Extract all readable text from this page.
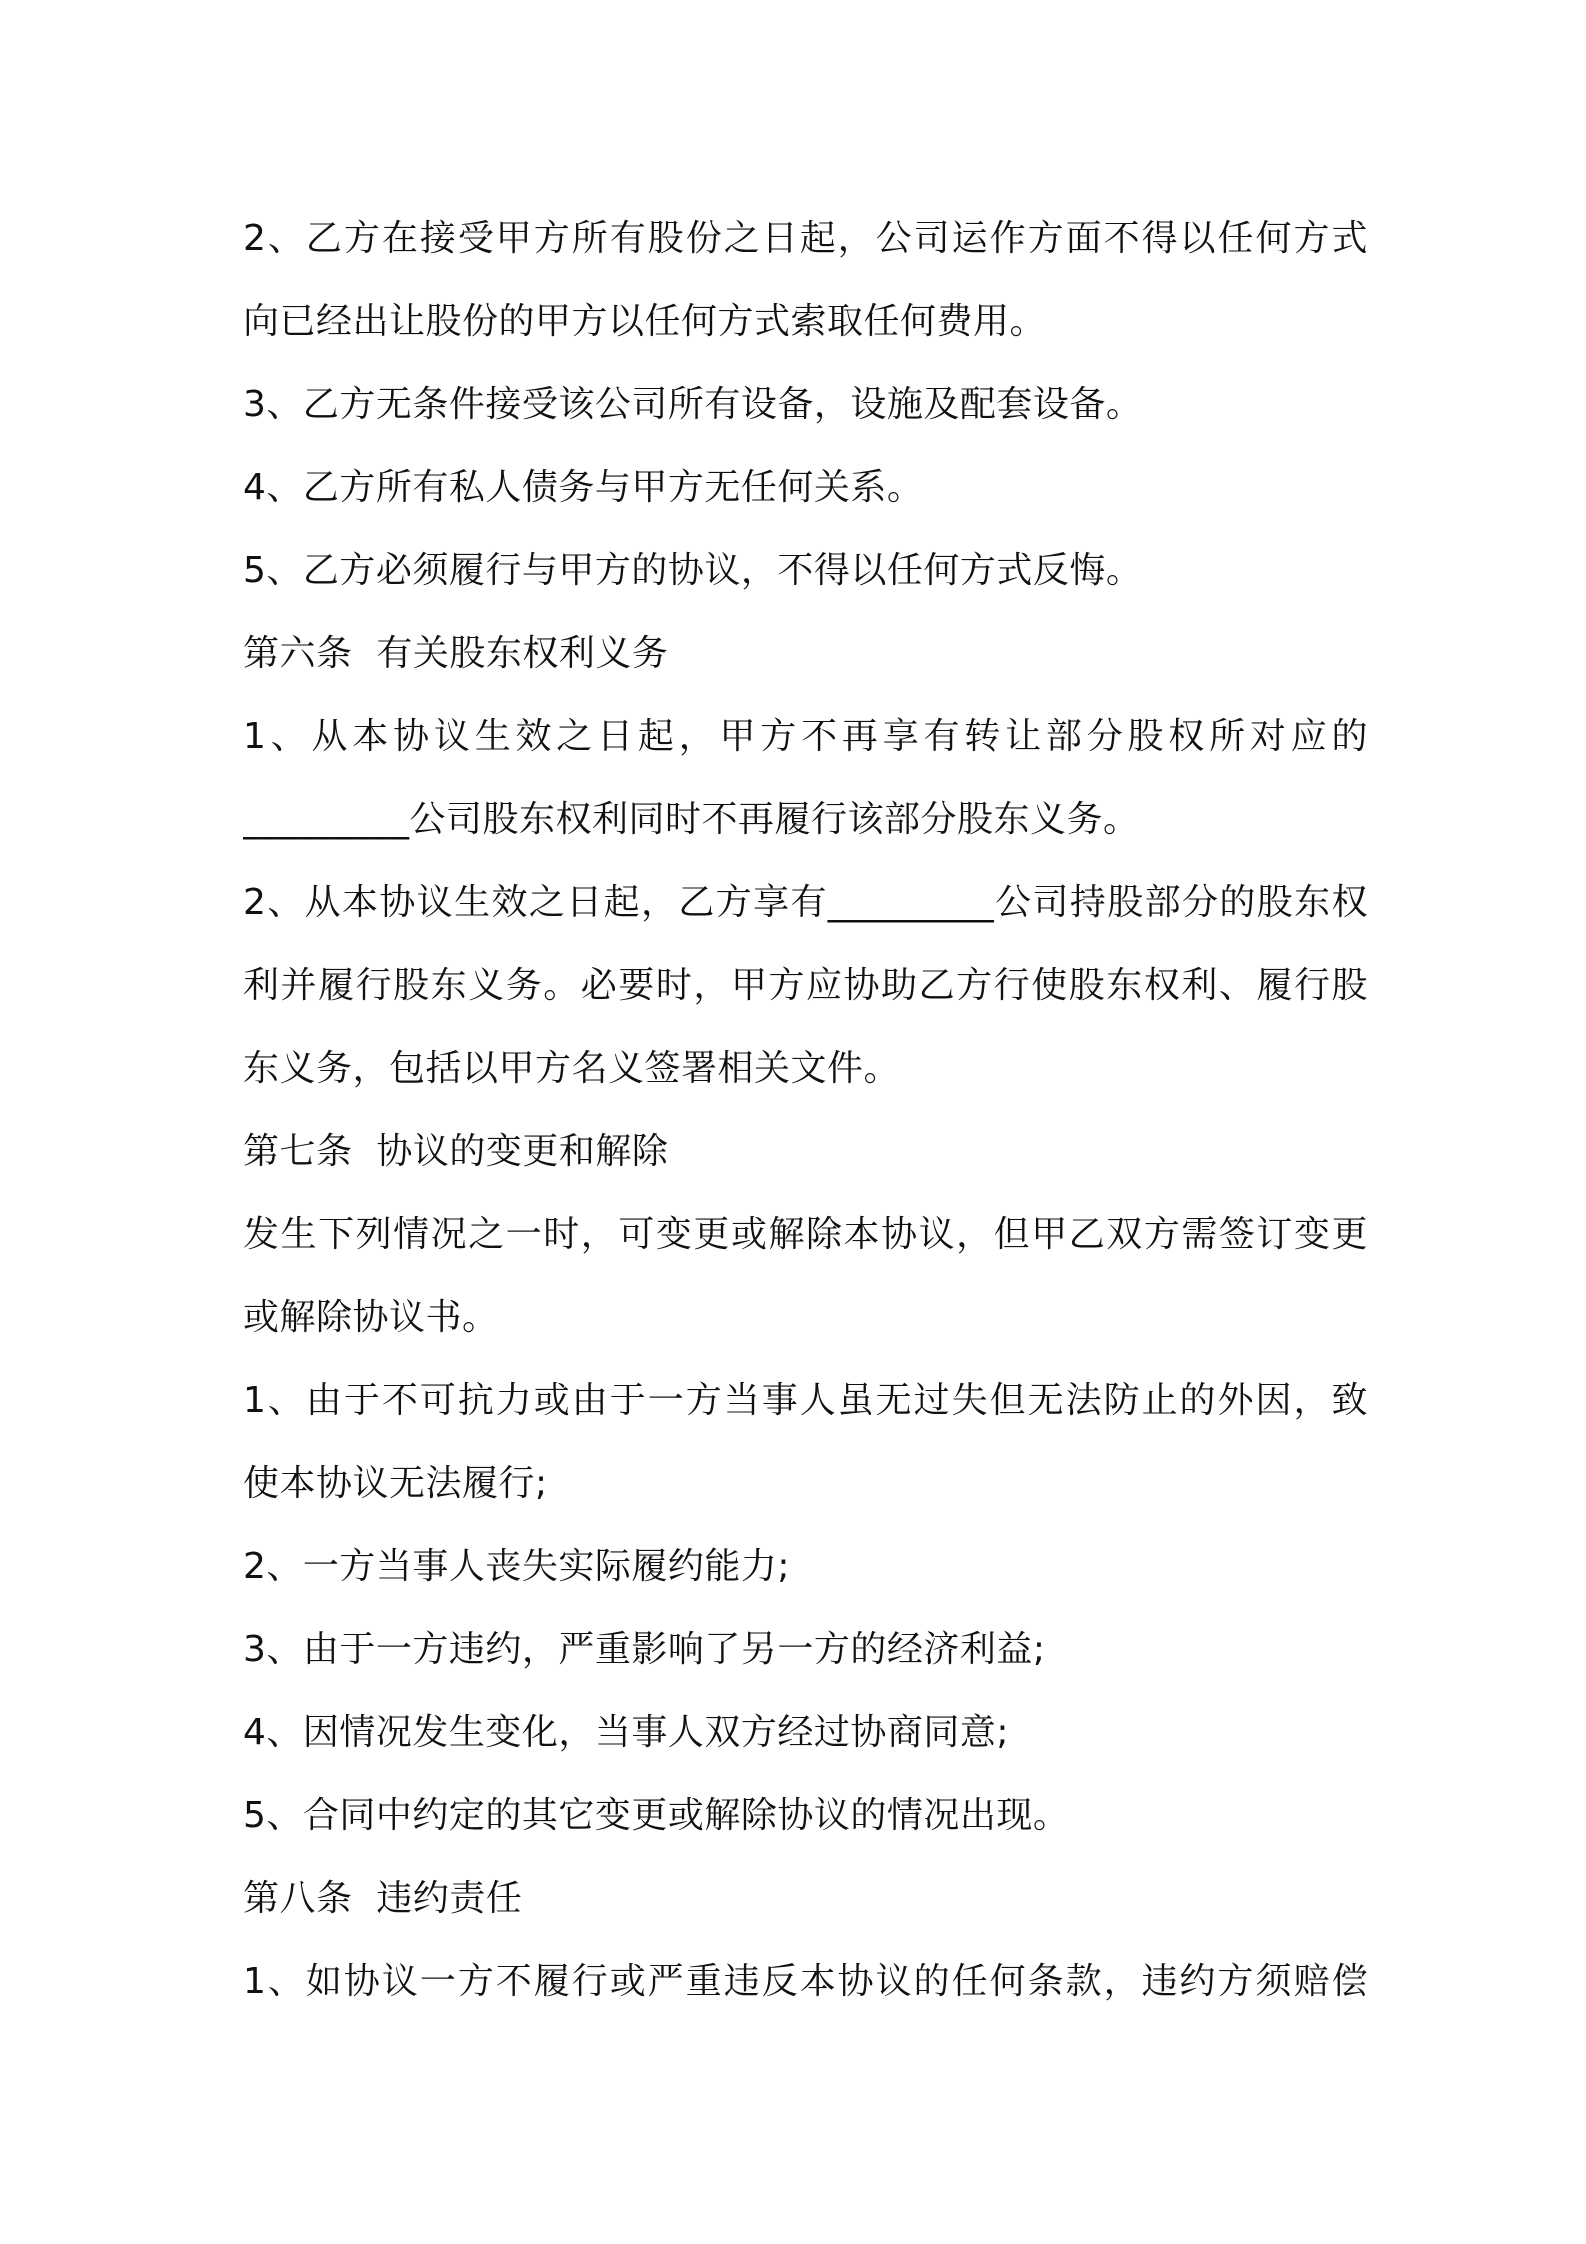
2、乙方在接受甲方所有股份之日起，公司运作方面不得以任何方式
向已经出让股份的甲方以任何方式索取任何费用。
3、乙方无条件接受该公司所有设备，设施及配套设备。
4、乙方所有私人债务与甲方无任何关系。
5、乙方必须履行与甲方的协议，不得以任何方式反悔。
第六条  有关股东权利义务
1、从本协议生效之日起，甲方不再享有转让部分股权所对应的
_________公司股东权利同时不再履行该部分股东义务。
2、从本协议生效之日起，乙方享有_________公司持股部分的股东权
利并履行股东义务。必要时，甲方应协助乙方行使股东权利、履行股
东义务，包括以甲方名义签署相关文件。
第七条  协议的变更和解除
发生下列情况之一时，可变更或解除本协议，但甲乙双方需签订变更
或解除协议书。
1、由于不可抗力或由于一方当事人虽无过失但无法防止的外因，致
使本协议无法履行;
2、一方当事人丧失实际履约能力;
3、由于一方违约，严重影响了另一方的经济利益;
4、因情况发生变化，当事人双方经过协商同意;
5、合同中约定的其它变更或解除协议的情况出现。
第八条  违约责任
1、如协议一方不履行或严重违反本协议的任何条款，违约方须赔偿
